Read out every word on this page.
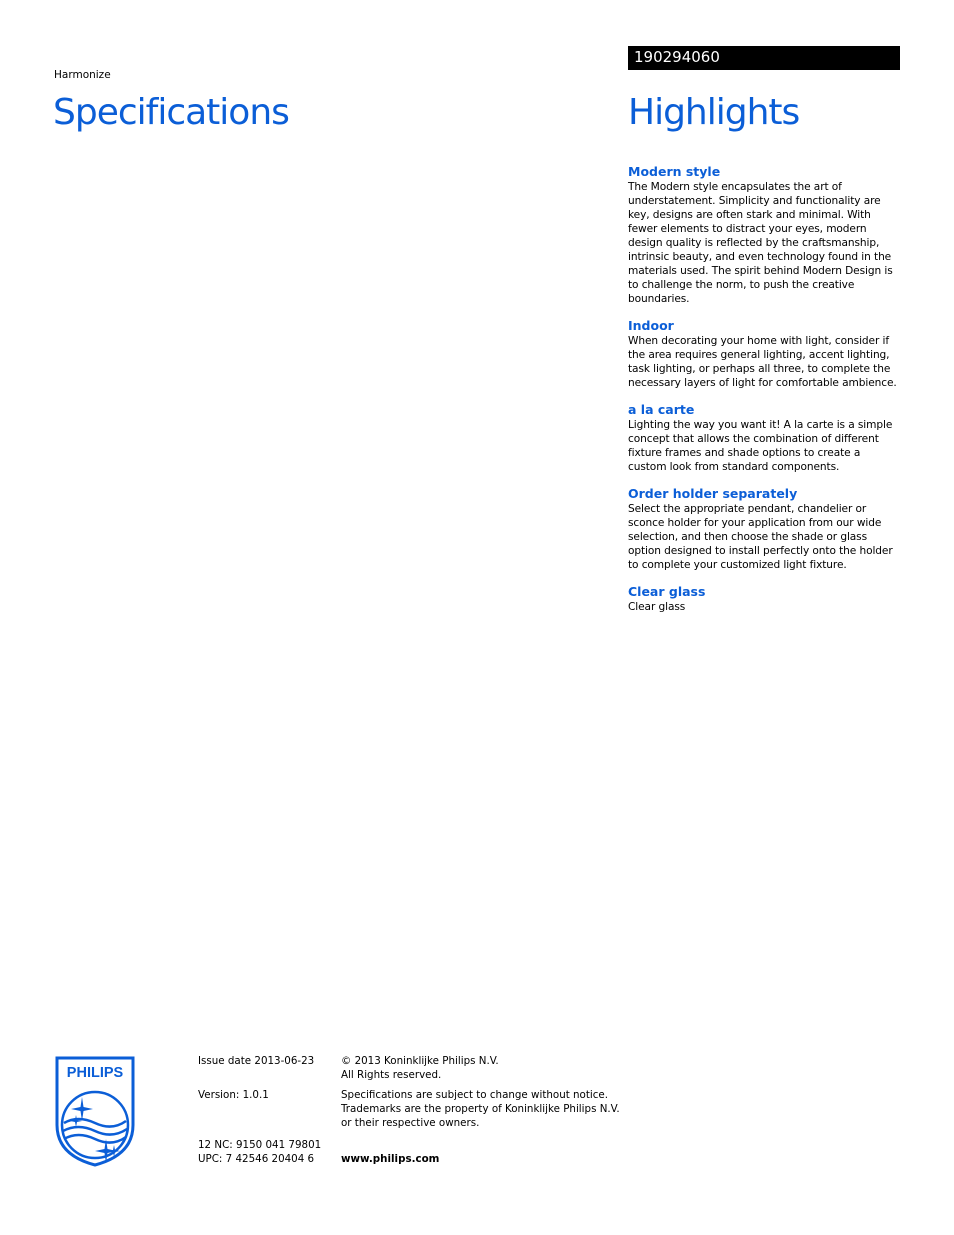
Harmonize
Specifications
190294060
Highlights
Modern style
The Modern style encapsulates the art of understatement. Simplicity and functionality are key, designs are often stark and minimal. With fewer elements to distract your eyes, modern design quality is reflected by the craftsmanship, intrinsic beauty, and even technology found in the materials used. The spirit behind Modern Design is to challenge the norm, to push the creative boundaries.
Indoor
When decorating your home with light, consider if the area requires general lighting, accent lighting, task lighting, or perhaps all three, to complete the necessary layers of light for comfortable ambience.
a la carte
Lighting the way you want it! A la carte is a simple concept that allows the combination of different fixture frames and shade options to create a custom look from standard components.
Order holder separately
Select the appropriate pendant, chandelier or sconce holder for your application from our wide selection, and then choose the shade or glass option designed to install perfectly onto the holder to complete your customized light fixture.
Clear glass
Clear glass
PHILIPS
Issue date 2013-06-23
Version: 1.0.1
12 NC: 9150 041 79801
UPC: 7 42546 20404 6
© 2013 Koninklijke Philips N.V.
All Rights reserved.
Specifications are subject to change without notice.
Trademarks are the property of Koninklijke Philips N.V.
or their respective owners.
www.philips.com
